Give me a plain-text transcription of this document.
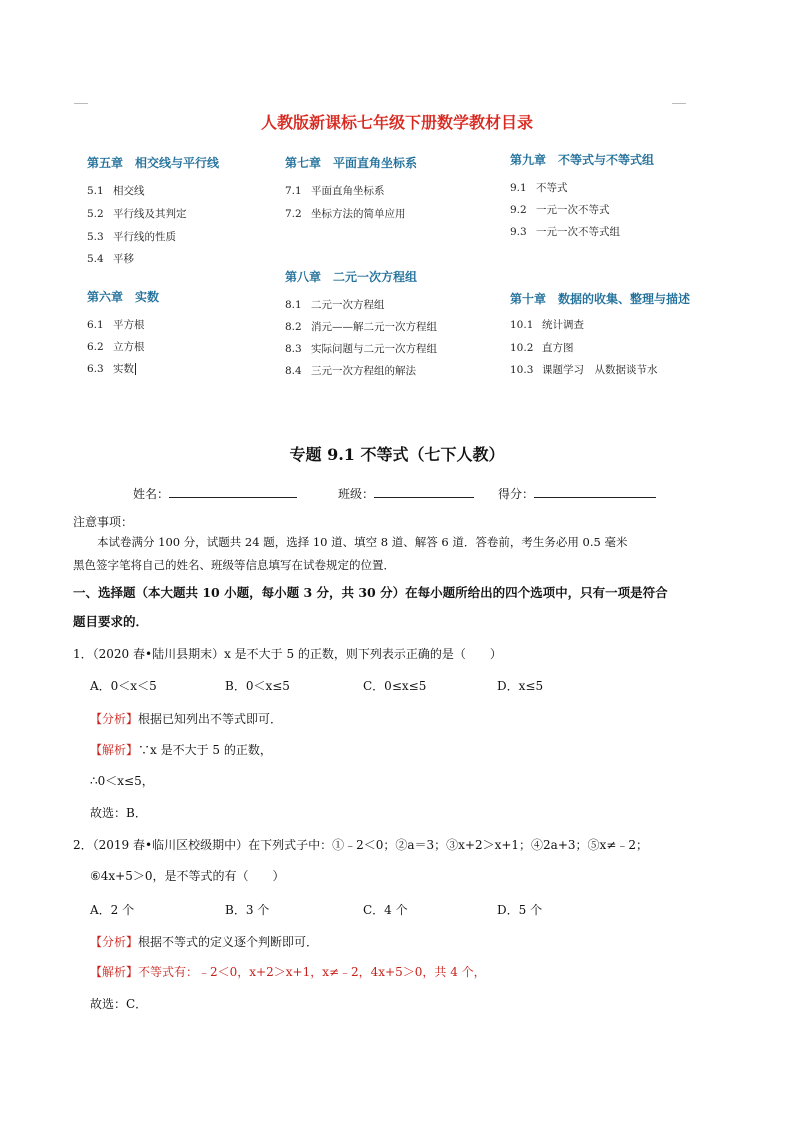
人教版新课标七年级下册数学教材目录
第五章　相交线与平行线
5.1 相交线
5.2 平行线及其判定
5.3 平行线的性质
5.4 平移
第六章　实数
6.1 平方根
6.2 立方根
6.3 实数
第七章　平面直角坐标系
7.1 平面直角坐标系
7.2 坐标方法的简单应用
第八章　二元一次方程组
8.1 二元一次方程组
8.2 消元——解二元一次方程组
8.3 实际问题与二元一次方程组
8.4 三元一次方程组的解法
第九章　不等式与不等式组
9.1 不等式
9.2 一元一次不等式
9.3 一元一次不等式组
第十章　数据的收集、整理与描述
10.1 统计调查
10.2 直方图
10.3 课题学习　从数据谈节水
专题 9.1 不等式（七下人教）
姓名：	班级：	得分：
注意事项：
本试卷满分 100 分，试题共 24 题，选择 10 道、填空 8 道、解答 6 道．答卷前，考生务必用 0.5 毫米
黑色签字笔将自己的姓名、班级等信息填写在试卷规定的位置．
一、选择题（本大题共 10 小题，每小题 3 分，共 30 分）在每小题所给出的四个选项中，只有一项是符合
题目要求的．
1．（2020 春•陆川县期末）x 是不大于 5 的正数，则下列表示正确的是（　　）
A．0＜x＜5	B．0＜x≤5	C．0≤x≤5	D．x≤5
【分析】根据已知列出不等式即可．
【解析】∵x 是不大于 5 的正数，
∴0＜x≤5，
故选：B．
2．（2019 春•临川区校级期中）在下列式子中：①﹣2＜0；②a＝3；③x+2＞x+1；④2a+3；⑤x≠﹣2；
⑥4x+5＞0，是不等式的有（　　）
A．2 个	B．3 个	C．4 个	D．5 个
【分析】根据不等式的定义逐个判断即可．
【解析】不等式有：﹣2＜0，x+2＞x+1，x≠﹣2，4x+5＞0，共 4 个，
故选：C．
